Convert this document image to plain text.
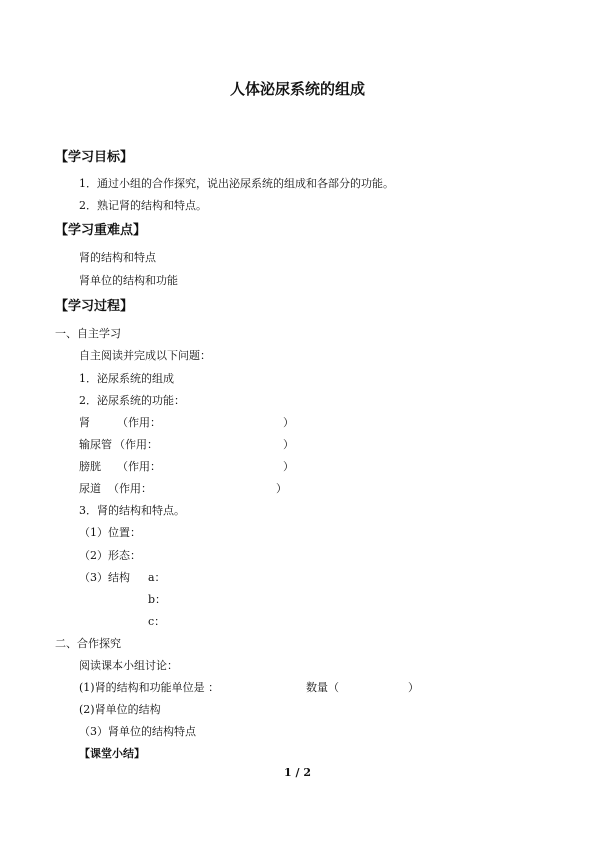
人体泌尿系统的组成
【学习目标】
1．通过小组的合作探究，说出泌尿系统的组成和各部分的功能。
2．熟记肾的结构和特点。
【学习重难点】
肾的结构和特点
肾单位的结构和功能
【学习过程】
一、自主学习
自主阅读并完成以下问题：
1．泌尿系统的组成
2．泌尿系统的功能：
肾 （作用：	）
输尿管 （作用：	）
膀胱 （作用：	）
尿道 （作用：	）
3．肾的结构和特点。
（1）位置：
（2）形态：
（3）结构 a：
b：
c：
二、合作探究
阅读课本小组讨论：
(1)肾的结构和功能单位是 ：	数量（	）
(2)肾单位的结构
（3）肾单位的结构特点
【课堂小结】
1 / 2
